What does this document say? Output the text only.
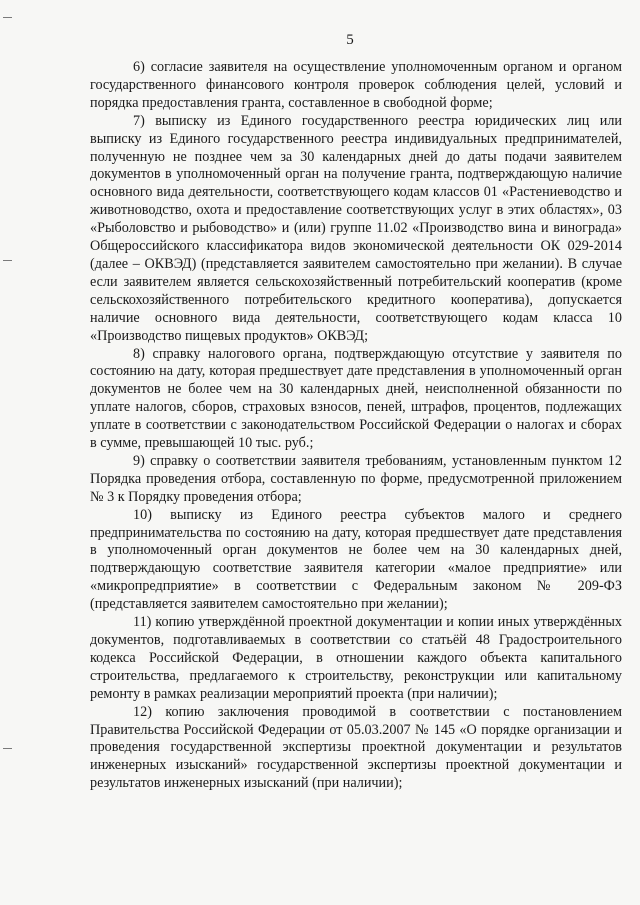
5

6) согласие заявителя на осуществление уполномоченным органом и органом государственного финансового контроля проверок соблюдения целей, условий и порядка предоставления гранта, составленное в свободной форме;

7) выписку из Единого государственного реестра юридических лиц или выписку из Единого государственного реестра индивидуальных предпринимателей, полученную не позднее чем за 30 календарных дней до даты подачи заявителем документов в уполномоченный орган на получение гранта, подтверждающую наличие основного вида деятельности, соответствующего кодам классов 01 «Растениеводство и животноводство, охота и предоставление соответствующих услуг в этих областях», 03 «Рыболовство и рыбоводство» и (или) группе 11.02 «Производство вина и винограда» Общероссийского классификатора видов экономической деятельности ОК 029-2014 (далее – ОКВЭД) (представляется заявителем самостоятельно при желании). В случае если заявителем является сельскохозяйственный потребительский кооператив (кроме сельскохозяйственного потребительского кредитного кооператива), допускается наличие основного вида деятельности, соответствующего кодам класса 10 «Производство пищевых продуктов» ОКВЭД;

8) справку налогового органа, подтверждающую отсутствие у заявителя по состоянию на дату, которая предшествует дате представления в уполномоченный орган документов не более чем на 30 календарных дней, неисполненной обязанности по уплате налогов, сборов, страховых взносов, пеней, штрафов, процентов, подлежащих уплате в соответствии с законодательством Российской Федерации о налогах и сборах в сумме, превышающей 10 тыс. руб.;

9) справку о соответствии заявителя требованиям, установленным пунктом 12 Порядка проведения отбора, составленную по форме, предусмотренной приложением № 3 к Порядку проведения отбора;

10) выписку из Единого реестра субъектов малого и среднего предпринимательства по состоянию на дату, которая предшествует дате представления в уполномоченный орган документов не более чем на 30 календарных дней, подтверждающую соответствие заявителя категории «малое предприятие» или «микропредприятие» в соответствии с Федеральным законом № 209-ФЗ (представляется заявителем самостоятельно при желании);

11) копию утверждённой проектной документации и копии иных утверждённых документов, подготавливаемых в соответствии со статьёй 48 Градостроительного кодекса Российской Федерации, в отношении каждого объекта капитального строительства, предлагаемого к строительству, реконструкции или капитальному ремонту в рамках реализации мероприятий проекта (при наличии);

12) копию заключения проводимой в соответствии с постановлением Правительства Российской Федерации от 05.03.2007 № 145 «О порядке организации и проведения государственной экспертизы проектной документации и результатов инженерных изысканий» государственной экспертизы проектной документации и результатов инженерных изысканий (при наличии);
